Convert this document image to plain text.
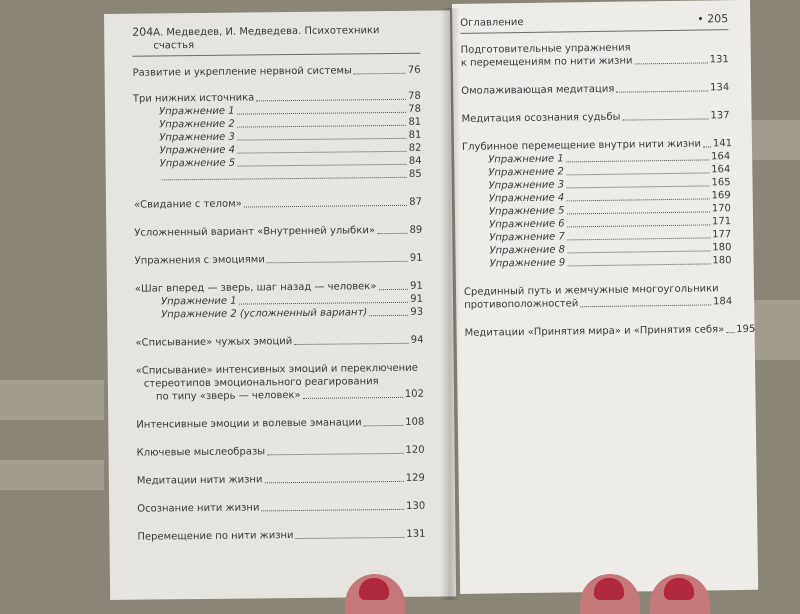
204 А. Медведев, И. Медведева. Психотехники счастья
Развитие и укрепление нервной системы	76
Три нижних источника	78
Упражнение 1	78
Упражнение 2	81
Упражнение 3	81
Упражнение 4	82
Упражнение 5	84
85
«Свидание с телом»	87
Усложненный вариант «Внутренней улыбки»	89
Упражнения с эмоциями	91
«Шаг вперед — зверь, шаг назад — человек»	91
Упражнение 1	91
Упражнение 2 (усложненный вариант)	93
«Списывание» чужых эмоций	94
«Списывание» интенсивных эмоций и переключение
стереотипов эмоционального реагирования
по типу «зверь — человек»	102
Интенсивные эмоции и волевые эманации	108
Ключевые мыслеобразы	120
Медитации нити жизни	129
Осознание нити жизни	130
Перемещение по нити жизни	131
Оглавление	• 205
Подготовительные упражнения
к перемещениям по нити жизни	131
Омолаживающая медитация	134
Медитация осознания судьбы	137
Глубинное перемещение внутри нити жизни 141
Упражнение 1	164
Упражнение 2	164
Упражнение 3	165
Упражнение 4	169
Упражнение 5	170
Упражнение 6	171
Упражнение 7	177
Упражнение 8	180
Упражнение 9	180
Срединный путь и жемчужные многоугольники
противоположностей	184
Медитации «Принятия мира» и «Принятия себя» 195
